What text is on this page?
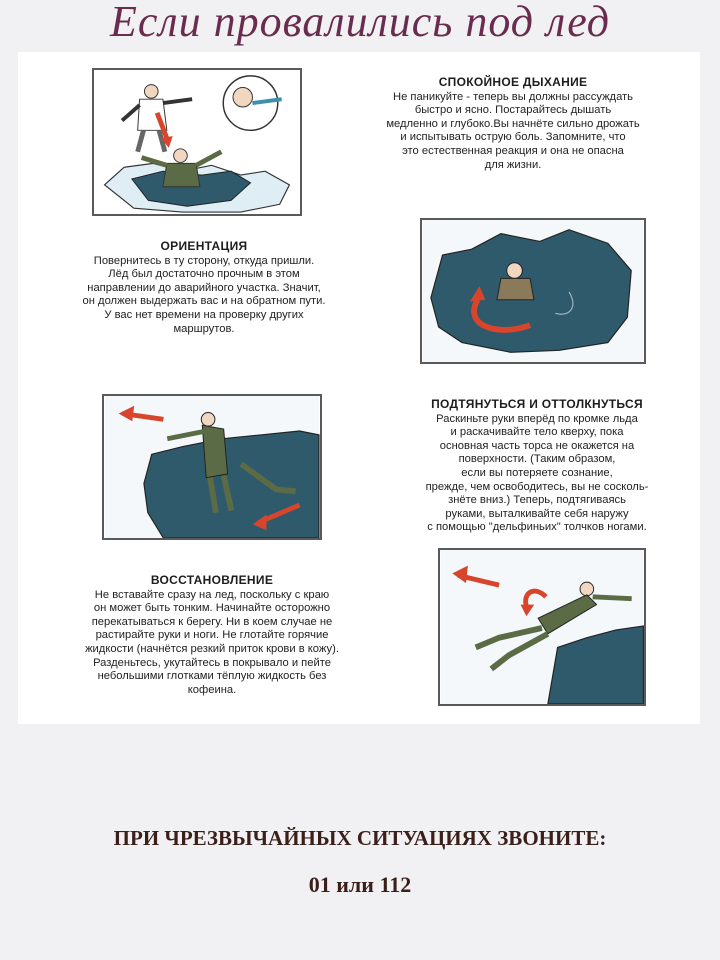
Если провалились под лед
СПОКОЙНОЕ ДЫХАНИЕ
Не паникуйте - теперь вы должны рассуждать
быстро и ясно. Постарайтесь дышать
медленно и глубоко.Вы начнёте сильно дрожать
и испытывать острую боль. Запомните, что
это естественная реакция и она не опасна
для жизни.
ОРИЕНТАЦИЯ
Повернитесь в ту сторону, откуда пришли.
Лёд был достаточно прочным в этом
направлении до аварийного участка. Значит,
он должен выдержать вас и на обратном пути.
У вас нет времени на проверку других
маршрутов.
ПОДТЯНУТЬСЯ И ОТТОЛКНУТЬСЯ
Раскиньте руки вперёд по кромке льда
и раскачивайте тело кверху, пока
основная часть торса не окажется на
поверхности. (Таким образом,
если вы потеряете сознание,
прежде, чем освободитесь, вы не сосколь-
знёте вниз.) Теперь, подтягиваясь
руками, выталкивайте себя наружу
с помощью "дельфиньих" толчков ногами.
ВОССТАНОВЛЕНИЕ
Не вставайте сразу на лед, поскольку с краю
он может быть тонким. Начинайте осторожно
перекатываться к берегу. Ни в коем случае не
растирайте руки и ноги. Не глотайте горячие
жидкости (начнётся резкий приток крови в кожу).
Разденьтесь, укутайтесь в покрывало и пейте
небольшими глотками тёплую жидкость без
кофеина.
ПРИ ЧРЕЗВЫЧАЙНЫХ СИТУАЦИЯХ ЗВОНИТЕ:
01 или 112
